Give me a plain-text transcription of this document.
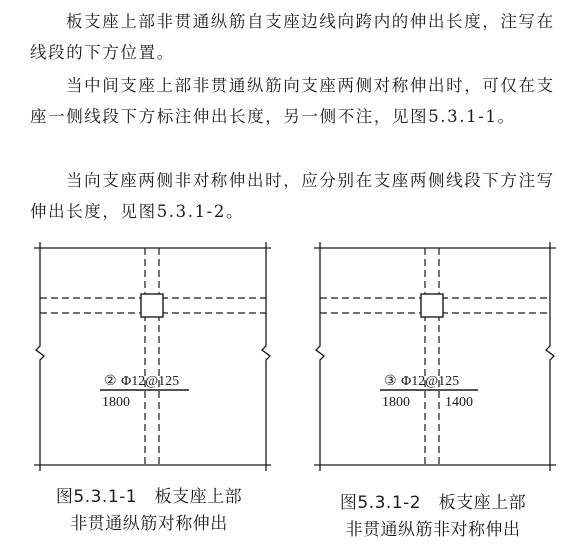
板支座上部非贯通纵筋自支座边线向跨内的伸出长度，注写在线段的下方位置。

当中间支座上部非贯通纵筋向支座两侧对称伸出时，可仅在支座一侧线段下方标注伸出长度，另一侧不注，见图5.3.1-1。

当向支座两侧非对称伸出时，应分别在支座两侧线段下方注写伸出长度，见图5.3.1-2。

② Φ12@125
1800
图5.3.1-1　板支座上部
非贯通纵筋对称伸出
③ Φ12@125
1800	1400
图5.3.1-2　板支座上部
非贯通纵筋非对称伸出
